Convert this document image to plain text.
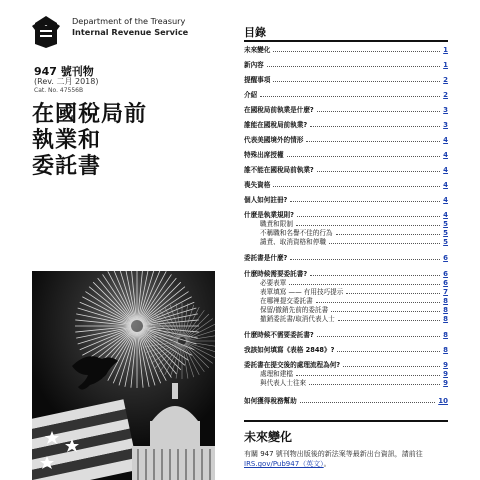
Department of the Treasury
Internal Revenue Service
947 號刊物
(Rev. 二月 2018)
Cat. No. 47556B
在國稅局前
執業和
委託書
目錄
未來變化	1
新內容	1
提醒事項	2
介紹	2
在國稅局前執業是什麼?	3
誰能在國稅局前執業?	3
代表美國境外的情形	4
特殊出席授權	4
誰不能在國稅局前執業?	4
喪失資格	4
個人如何註冊?	4
什麼是執業規則?	4
職責和限制	5
不稱職和名譽不佳的行為	5
譴責、取消資格和停職	5
委託書是什麼?	6
什麼時候需要委託書?	6
必要表單	6
表單填寫 —— 有用技巧提示	7
在哪裡提交委託書	8
保留/撤銷先前的委託書	8
撤銷委託書/取消代表人士	8
什麼時候不需要委託書?	8
我該如何填寫《表格 2848》?	8
委託書在提交後的處理流程為何?	9
處理和建檔	9
與代表人士往來	9
如何獲得稅務幫助	10
未來變化
有關 947 號刊物出版後的新法案等最新出台資訊，請前往IRS.gov/Pub947（英文）。
